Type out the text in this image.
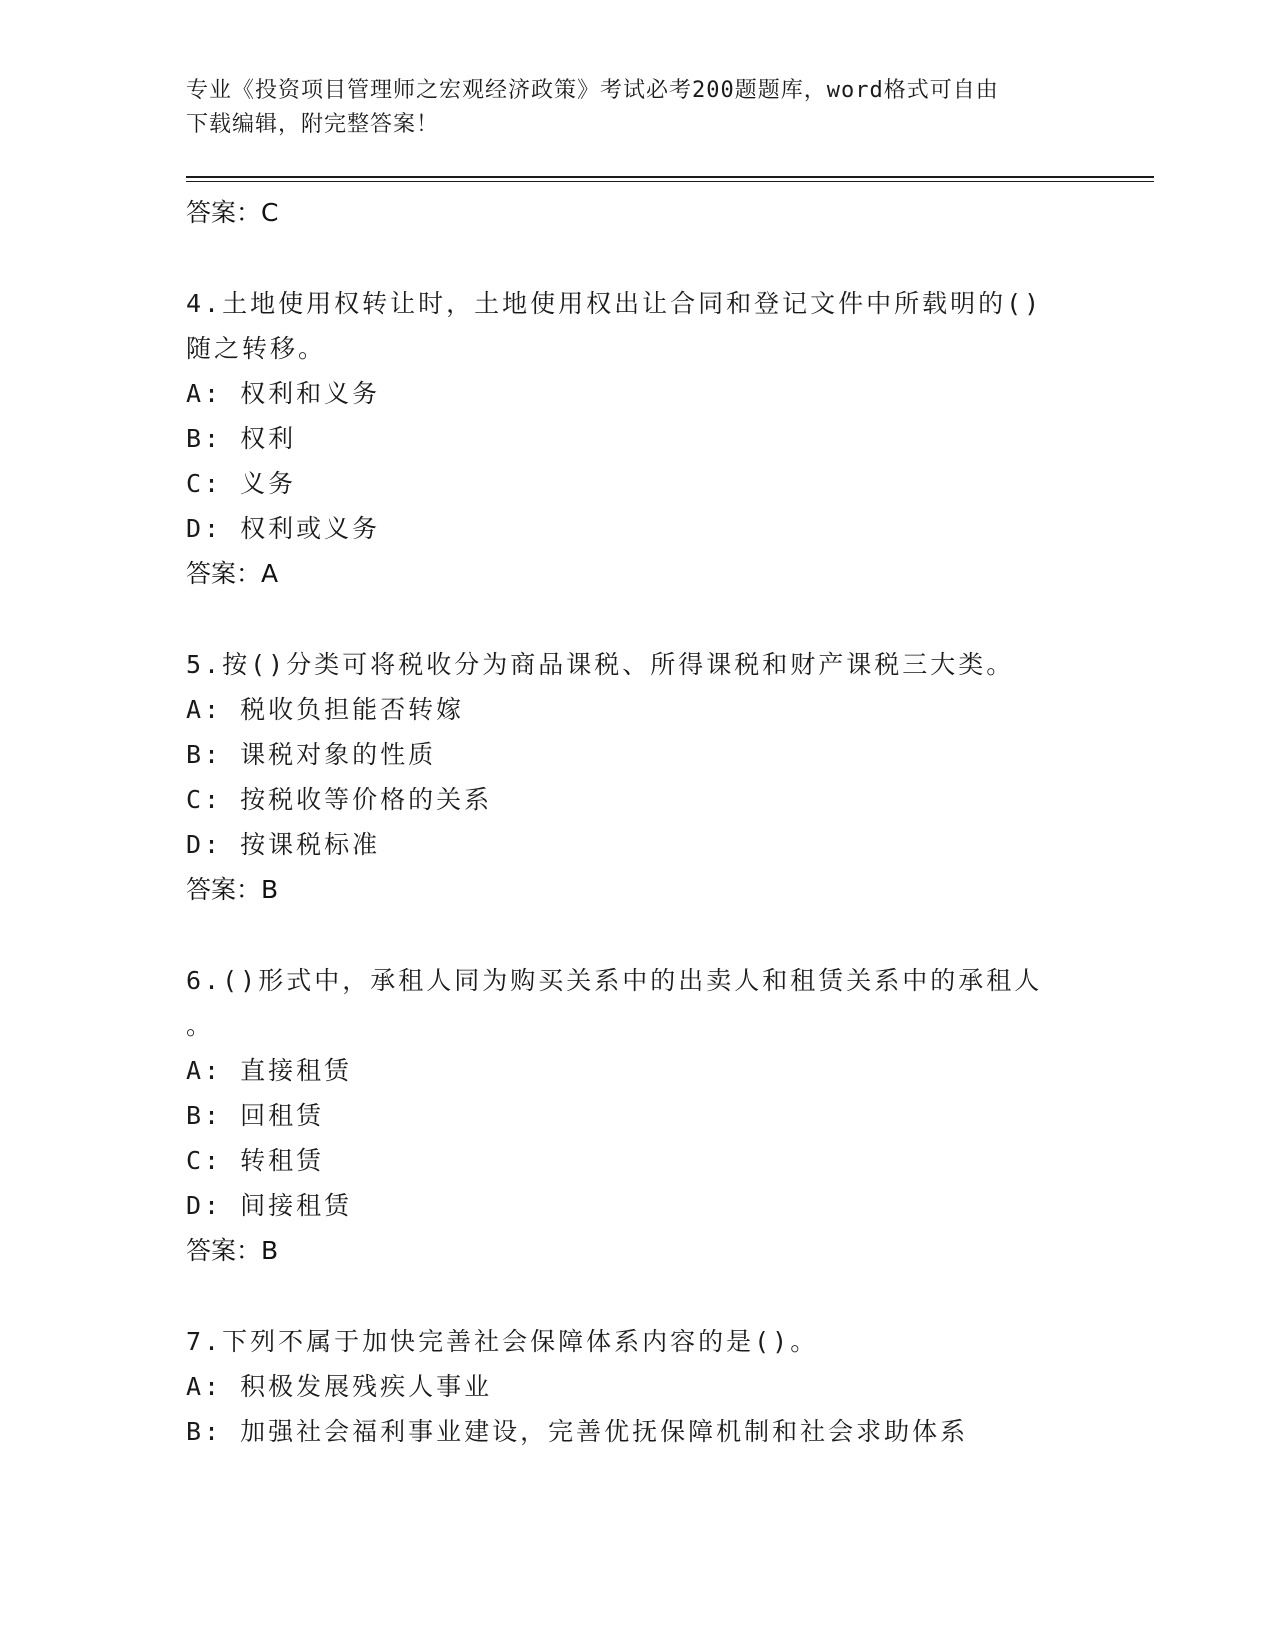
专业《投资项目管理师之宏观经济政策》考试必考200题题库，word格式可自由
下载编辑，附完整答案！
答案：C
4.土地使用权转让时，土地使用权出让合同和登记文件中所载明的()
随之转移。
A: 权利和义务
B: 权利
C: 义务
D: 权利或义务
答案：A
5.按()分类可将税收分为商品课税、所得课税和财产课税三大类。
A: 税收负担能否转嫁
B: 课税对象的性质
C: 按税收等价格的关系
D: 按课税标准
答案：B
6.()形式中，承租人同为购买关系中的出卖人和租赁关系中的承租人
。
A: 直接租赁
B: 回租赁
C: 转租赁
D: 间接租赁
答案：B
7.下列不属于加快完善社会保障体系内容的是()。
A: 积极发展残疾人事业
B: 加强社会福利事业建设，完善优抚保障机制和社会求助体系
